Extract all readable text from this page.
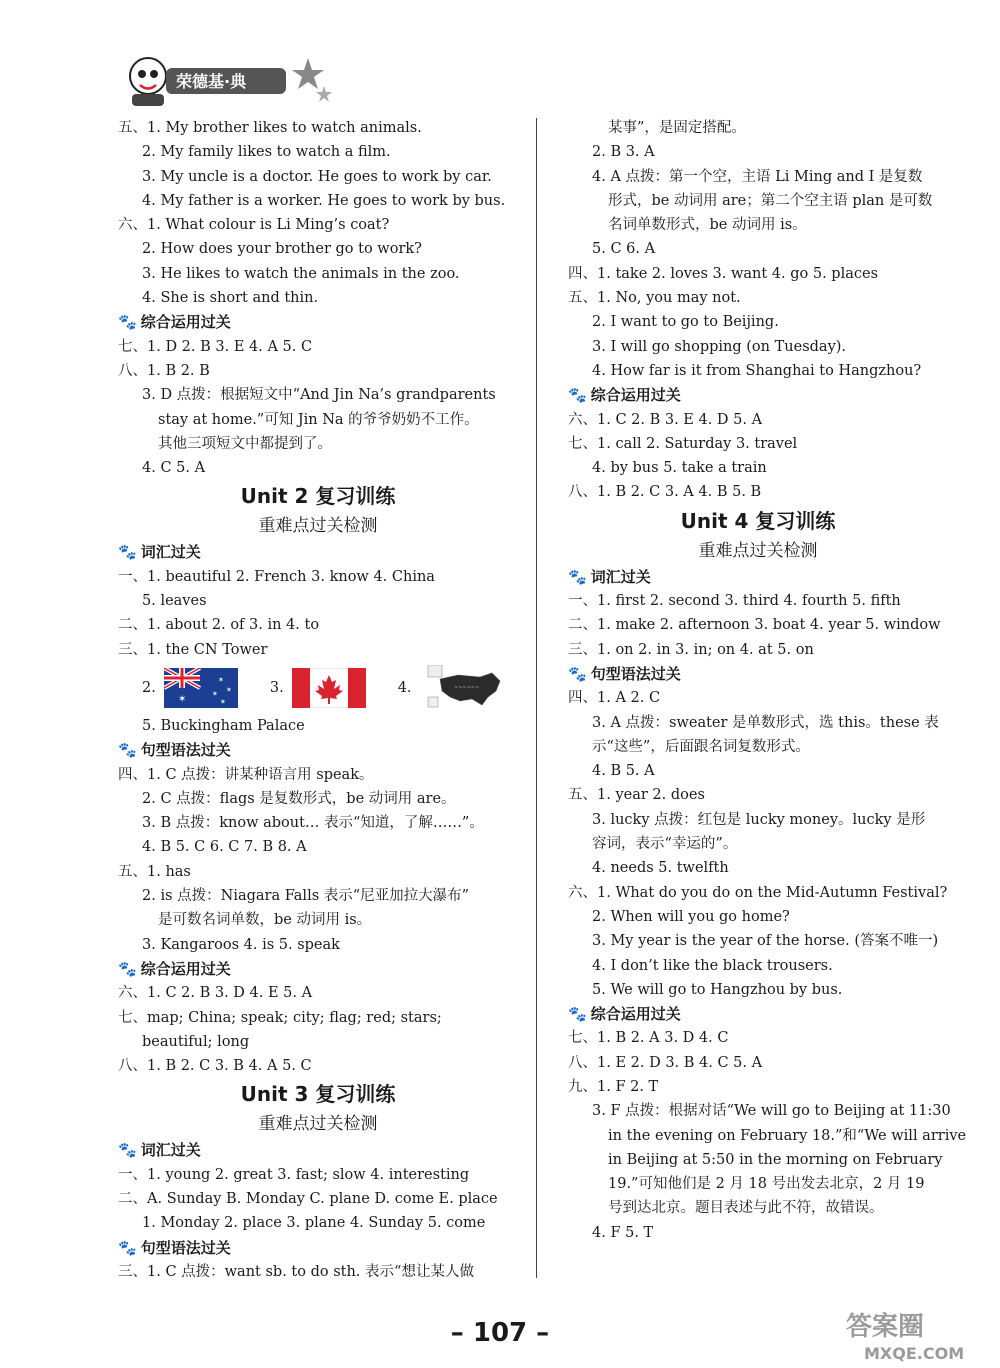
荣德基·典
五、1. My brother likes to watch animals.
2. My family likes to watch a film.
3. My uncle is a doctor. He goes to work by car.
4. My father is a worker. He goes to work by bus.
六、1. What colour is Li Ming’s coat?
2. How does your brother go to work?
3. He likes to watch the animals in the zoo.
4. She is short and thin.
🐾 综合运用过关
七、1. D 2. B 3. E 4. A 5. C
八、1. B 2. B
3. D 点拨：根据短文中“And Jin Na’s grandparents
stay at home.”可知 Jin Na 的爷爷奶奶不工作。
其他三项短文中都提到了。
4. C 5. A
Unit 2 复习训练
重难点过关检测
🐾 词汇过关
一、1. beautiful 2. French 3. know 4. China
5. leaves
二、1. about 2. of 3. in 4. to
三、1. the CN Tower
2.
✶
✶
✶
✶
✶
3.	4.	~~~~~~
5. Buckingham Palace
🐾 句型语法过关
四、1. C 点拨：讲某种语言用 speak。
2. C 点拨：flags 是复数形式，be 动词用 are。
3. B 点拨：know about… 表示“知道，了解……”。
4. B 5. C 6. C 7. B 8. A
五、1. has
2. is 点拨：Niagara Falls 表示“尼亚加拉大瀑布”
是可数名词单数，be 动词用 is。
3. Kangaroos 4. is 5. speak
🐾 综合运用过关
六、1. C 2. B 3. D 4. E 5. A
七、map; China; speak; city; flag; red; stars;
beautiful; long
八、1. B 2. C 3. B 4. A 5. C
Unit 3 复习训练
重难点过关检测
🐾 词汇过关
一、1. young 2. great 3. fast; slow 4. interesting
二、A. Sunday B. Monday C. plane D. come E. place
1. Monday 2. place 3. plane 4. Sunday 5. come
🐾 句型语法过关
三、1. C 点拨：want sb. to do sth. 表示“想让某人做
某事”，是固定搭配。
2. B 3. A
4. A 点拨：第一个空，主语 Li Ming and I 是复数
形式，be 动词用 are；第二个空主语 plan 是可数
名词单数形式，be 动词用 is。
5. C 6. A
四、1. take 2. loves 3. want 4. go 5. places
五、1. No, you may not.
2. I want to go to Beijing.
3. I will go shopping (on Tuesday).
4. How far is it from Shanghai to Hangzhou?
🐾 综合运用过关
六、1. C 2. B 3. E 4. D 5. A
七、1. call 2. Saturday 3. travel
4. by bus 5. take a train
八、1. B 2. C 3. A 4. B 5. B
Unit 4 复习训练
重难点过关检测
🐾 词汇过关
一、1. first 2. second 3. third 4. fourth 5. fifth
二、1. make 2. afternoon 3. boat 4. year 5. window
三、1. on 2. in 3. in; on 4. at 5. on
🐾 句型语法过关
四、1. A 2. C
3. A 点拨：sweater 是单数形式，选 this。these 表
示“这些”，后面跟名词复数形式。
4. B 5. A
五、1. year 2. does
3. lucky 点拨：红包是 lucky money。lucky 是形
容词，表示“幸运的”。
4. needs 5. twelfth
六、1. What do you do on the Mid-Autumn Festival?
2. When will you go home?
3. My year is the year of the horse. (答案不唯一)
4. I don’t like the black trousers.
5. We will go to Hangzhou by bus.
🐾 综合运用过关
七、1. B 2. A 3. D 4. C
八、1. E 2. D 3. B 4. C 5. A
九、1. F 2. T
3. F 点拨：根据对话“We will go to Beijing at 11:30
in the evening on February 18.”和“We will arrive
in Beijing at 5:50 in the morning on February
19.”可知他们是 2 月 18 号出发去北京，2 月 19
号到达北京。题目表述与此不符，故错误。
4. F 5. T
– 107 –	答案圈
MXQE.COM
